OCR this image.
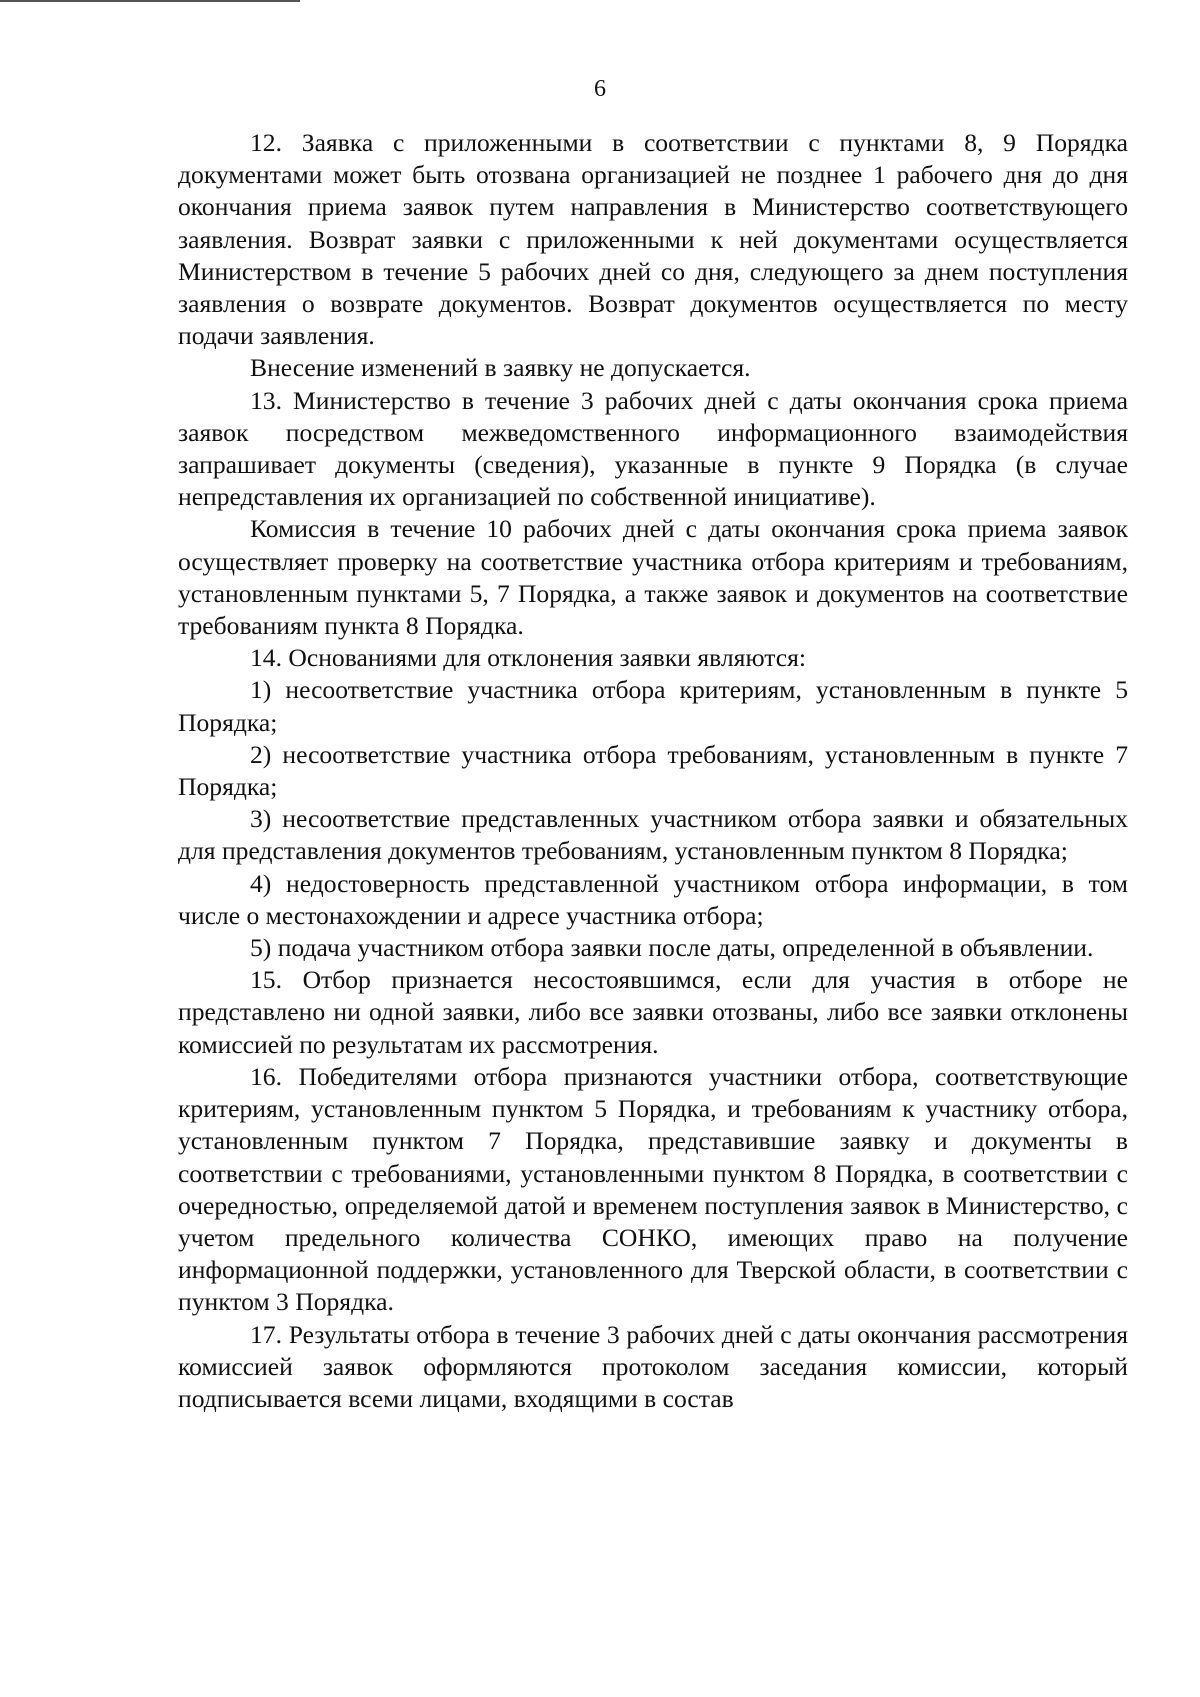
6

12. Заявка с приложенными в соответствии с пунктами 8, 9 Порядка документами может быть отозвана организацией не позднее 1 рабочего дня до дня окончания приема заявок путем направления в Министерство соответствующего заявления. Возврат заявки с приложенными к ней документами осуществляется Министерством в течение 5 рабочих дней со дня, следующего за днем поступления заявления о возврате документов. Возврат документов осуществляется по месту подачи заявления.

Внесение изменений в заявку не допускается.

13. Министерство в течение 3 рабочих дней с даты окончания срока приема заявок посредством межведомственного информационного взаимодействия запрашивает документы (сведения), указанные в пункте 9 Порядка (в случае непредставления их организацией по собственной инициативе).

Комиссия в течение 10 рабочих дней с даты окончания срока приема заявок осуществляет проверку на соответствие участника отбора критериям и требованиям, установленным пунктами 5, 7 Порядка, а также заявок и документов на соответствие требованиям пункта 8 Порядка.

14. Основаниями для отклонения заявки являются:

1) несоответствие участника отбора критериям, установленным в пункте 5 Порядка;

2) несоответствие участника отбора требованиям, установленным в пункте 7 Порядка;

3) несоответствие представленных участником отбора заявки и обязательных для представления документов требованиям, установленным пунктом 8 Порядка;

4) недостоверность представленной участником отбора информации, в том числе о местонахождении и адресе участника отбора;

5) подача участником отбора заявки после даты, определенной в объявлении.

15. Отбор признается несостоявшимся, если для участия в отборе не представлено ни одной заявки, либо все заявки отозваны, либо все заявки отклонены комиссией по результатам их рассмотрения.

16. Победителями отбора признаются участники отбора, соответствующие критериям, установленным пунктом 5 Порядка, и требованиям к участнику отбора, установленным пунктом 7 Порядка, представившие заявку и документы в соответствии с требованиями, установленными пунктом 8 Порядка, в соответствии с очередностью, определяемой датой и временем поступления заявок в Министерство, с учетом предельного количества СОНКО, имеющих право на получение информационной поддержки, установленного для Тверской области, в соответствии с пунктом 3 Порядка.

17. Результаты отбора в течение 3 рабочих дней с даты окончания рассмотрения комиссией заявок оформляются протоколом заседания комиссии, который подписывается всеми лицами, входящими в состав
